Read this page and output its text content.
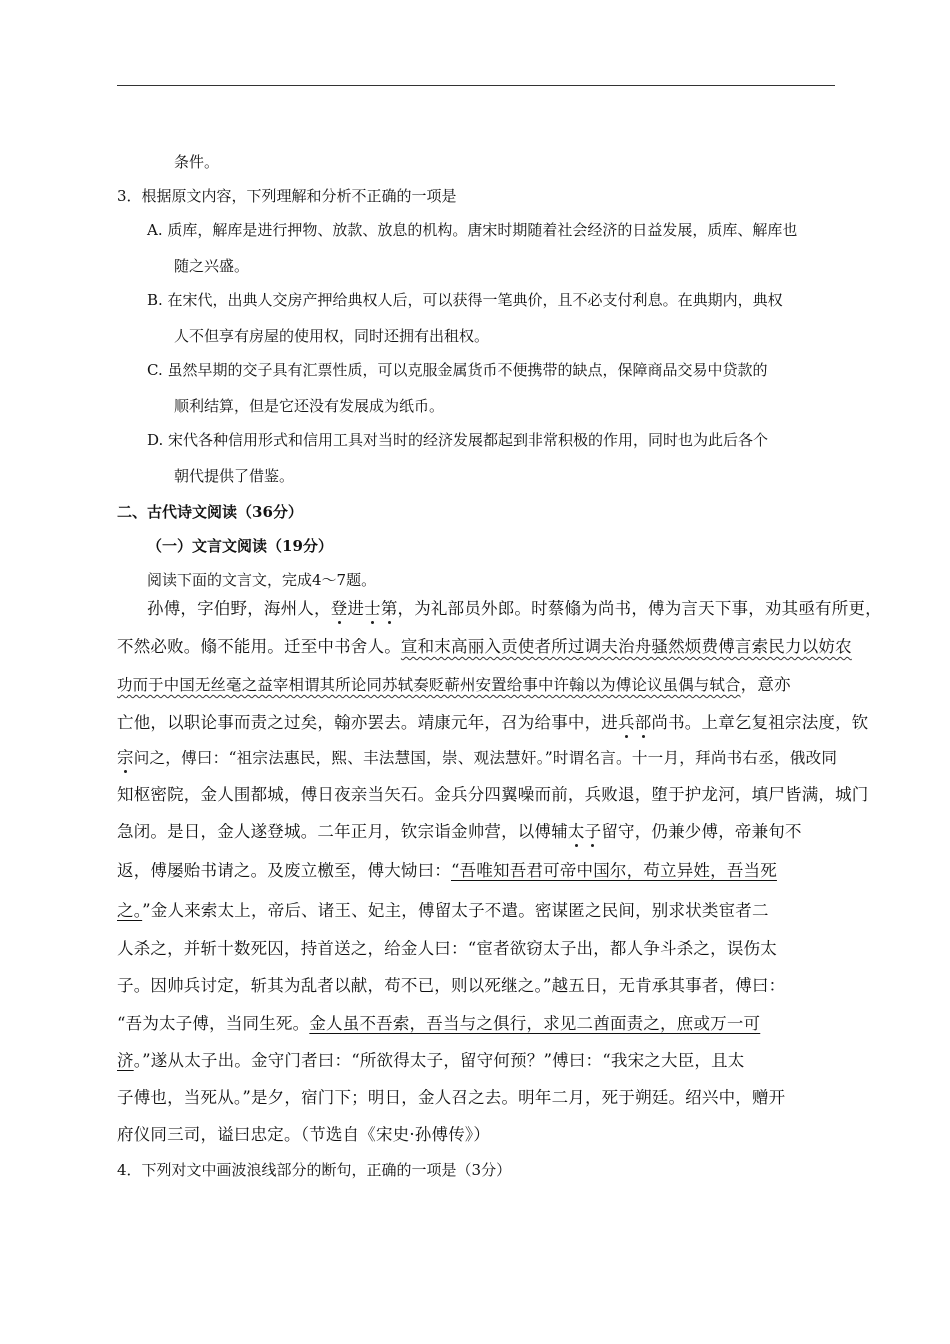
条件。
3．根据原文内容，下列理解和分析不正确的一项是
A. 质库，解库是进行押物、放款、放息的机构。唐宋时期随着社会经济的日益发展，质库、解库也
随之兴盛。
B. 在宋代，出典人交房产押给典权人后，可以获得一笔典价，且不必支付利息。在典期内，典权
人不但享有房屋的使用权，同时还拥有出租权。
C. 虽然早期的交子具有汇票性质，可以克服金属货币不便携带的缺点，保障商品交易中贷款的
顺利结算，但是它还没有发展成为纸币。
D. 宋代各种信用形式和信用工具对当时的经济发展都起到非常积极的作用，同时也为此后各个
朝代提供了借鉴。
二、古代诗文阅读（36分）
（一）文言文阅读（19分）
阅读下面的文言文，完成4～7题。
孙傅，字伯野，海州人，登进士第，为礼部员外郎。时蔡翛为尚书，傅为言天下事，劝其亟有所更，
不然必败。翛不能用。迁至中书舍人。宣和末高丽入贡使者所过调夫治舟骚然烦费傅言索民力以妨农
功而于中国无丝毫之益宰相谓其所论同苏轼奏贬蕲州安置给事中许翰以为傅论议虽偶与轼合，意亦
亡他，以职论事而责之过矣，翰亦罢去。靖康元年，召为给事中，进兵部尚书。上章乞复祖宗法度，钦
宗问之，傅曰：“祖宗法惠民，熙、丰法慧国，崇、观法慧奸。”时谓名言。十一月，拜尚书右丞，俄改同
知枢密院，金人围都城，傅日夜亲当矢石。金兵分四翼噪而前，兵败退，堕于护龙河，填尸皆满，城门
急闭。是日，金人遂登城。二年正月，钦宗诣金帅营，以傅辅太子留守，仍兼少傅，帝兼旬不
返，傅屡贻书请之。及废立檄至，傅大恸曰：“吾唯知吾君可帝中国尔，苟立异姓，吾当死
之。”金人来索太上，帝后、诸王、妃主，傅留太子不遣。密谋匿之民间，别求状类宦者二
人杀之，并斩十数死囚，持首送之，给金人曰：“宦者欲窃太子出，都人争斗杀之，误伤太
子。因帅兵讨定，斩其为乱者以献，苟不已，则以死继之。”越五日，无肯承其事者，傅曰：
“吾为太子傅，当同生死。金人虽不吾索，吾当与之俱行，求见二酋面责之，庶或万一可
济。”遂从太子出。金守门者曰：“所欲得太子，留守何预？”傅曰：“我宋之大臣，且太
子傅也，当死从。”是夕，宿门下；明日，金人召之去。明年二月，死于朔廷。绍兴中，赠开
府仪同三司，谥曰忠定。（节选自《宋史·孙傅传》）
4．下列对文中画波浪线部分的断句，正确的一项是（3分）
